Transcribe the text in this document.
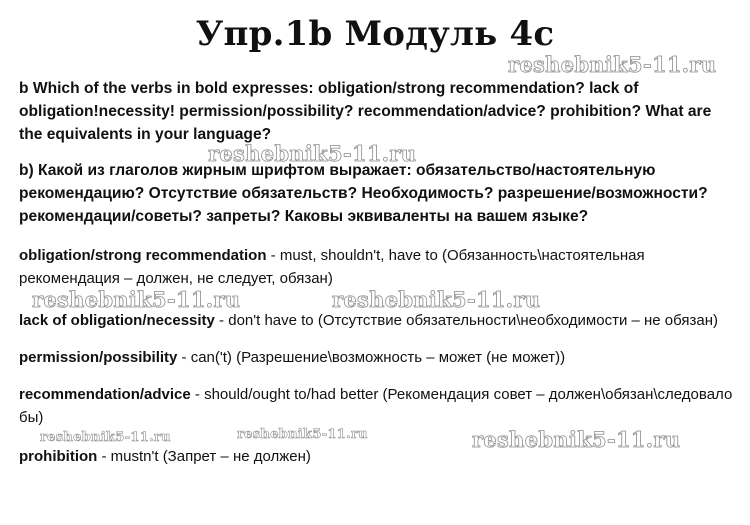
Упр.1b Модуль 4с
b Which of the verbs in bold expresses: obligation/strong recommendation? lack of obligation!necessity! permission/possibility? recommendation/advice? prohibition? What are the equivalents in your language?
b) Какой из глаголов жирным шрифтом выражает: обязательство/настоятельную рекомендацию? Отсутствие обязательств? Необходимость? разрешение/возможности? рекомендации/советы? запреты? Каковы эквиваленты на вашем языке?
obligation/strong recommendation - must, shouldn't, have to (Обязанность\настоятельная рекомендация – должен, не следует, обязан)
lack of obligation/necessity - don't have to (Отсутствие обязательности\необходимости – не обязан)
permission/possibility - can('t) (Разрешение\возможность – может (не может))
recommendation/advice - should/ought to/had better (Рекомендация совет – должен\обязан\следовало бы)
prohibition - mustn't (Запрет – не должен)
reshebnik5-11.ru
reshebnik5-11.ru
reshebnik5-11.ru	reshebnik5-11.ru
reshebnik5-11.ru	reshebnik5-11.ru	reshebnik5-11.ru
